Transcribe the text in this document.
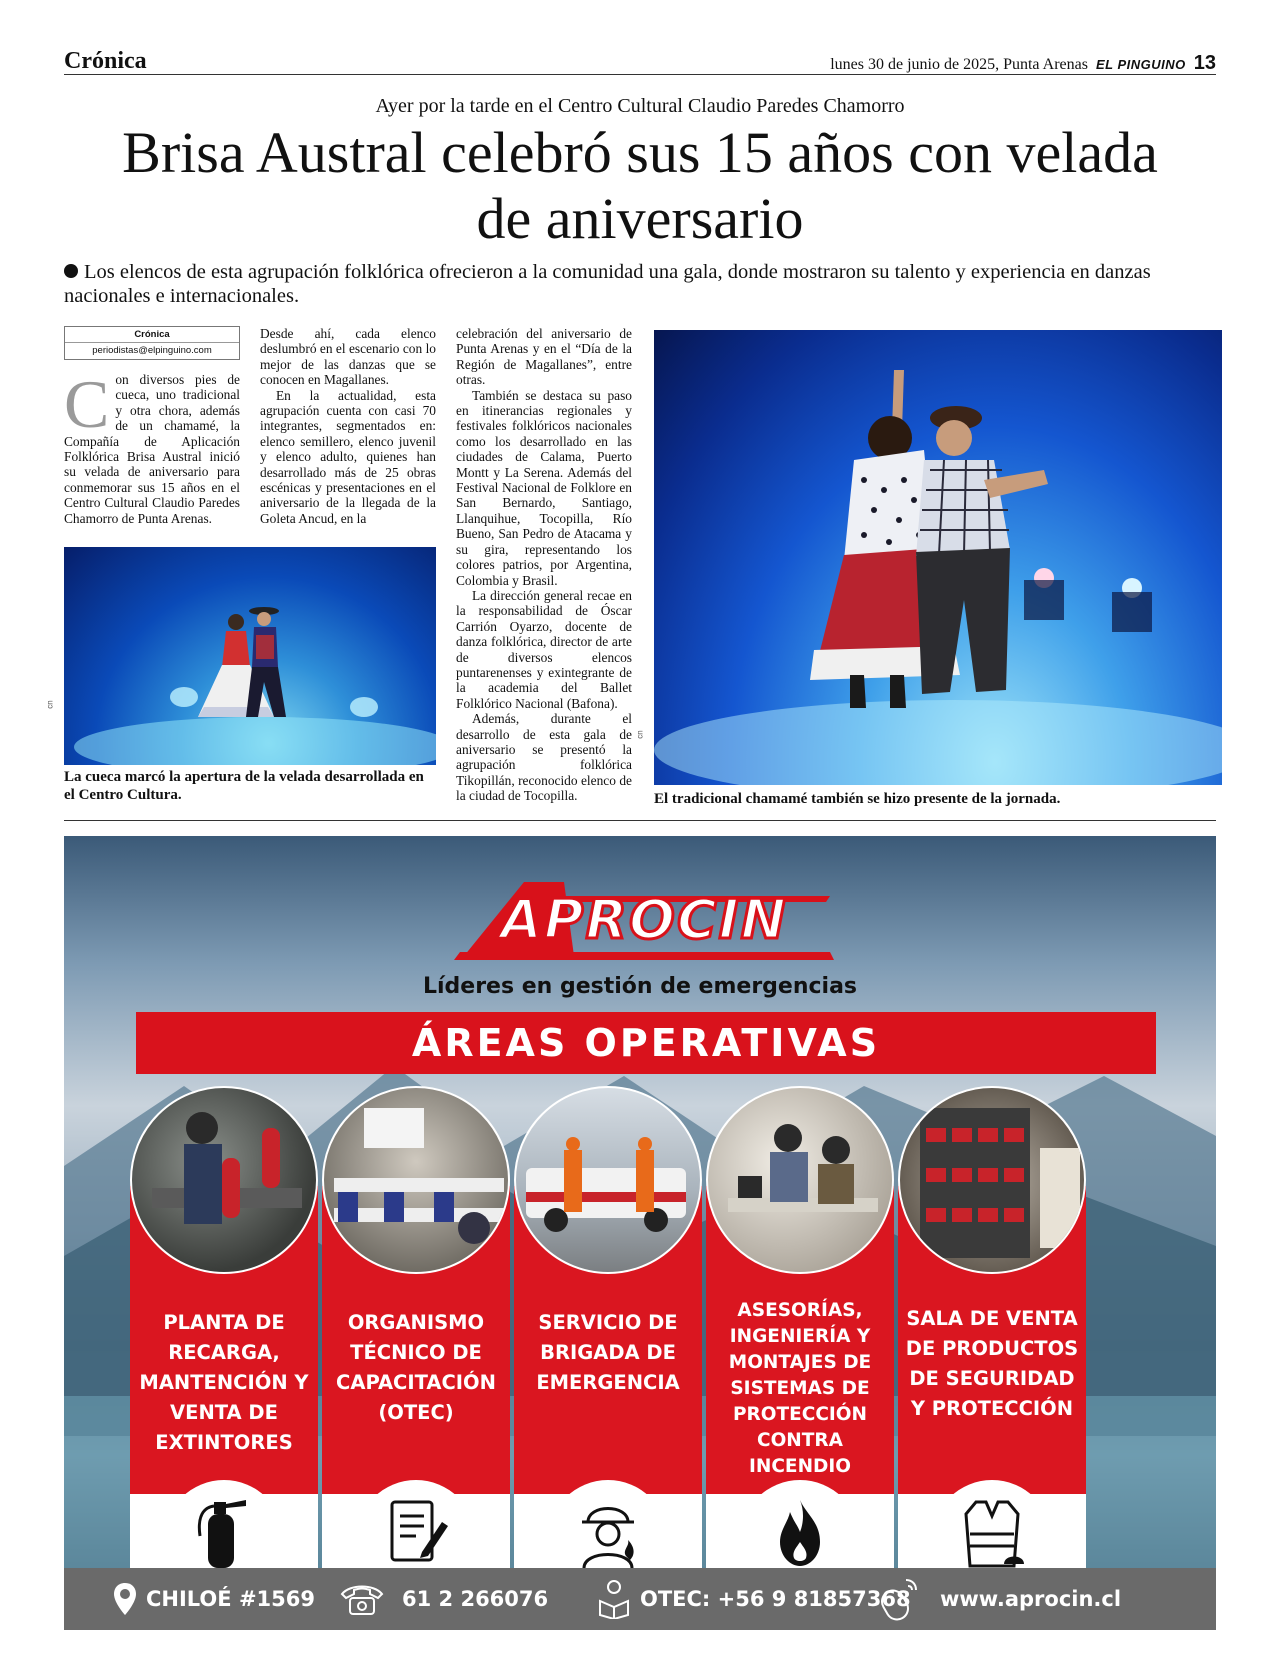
Crónica	lunes 30 de junio de 2025, Punta Arenas EL PINGUINO 13
Ayer por la tarde en el Centro Cultural Claudio Paredes Chamorro
Brisa Austral celebró sus 15 años con velada de aniversario
Los elencos de esta agrupación folklórica ofrecieron a la comunidad una gala, donde mostraron su talento y experiencia en danzas nacionales e internacionales.
Crónica
periodistas@elpinguino.com

Con diversos pies de cueca, uno tradicional y otra chora, además de un chamamé, la Compañía de Aplicación Folklórica Brisa Austral inició su velada de aniversario para conmemorar sus 15 años en el Centro Cultural Claudio Paredes Chamorro de Punta Arenas.

Desde ahí, cada elenco deslumbró en el escenario con lo mejor de las danzas que se conocen en Magallanes.

En la actualidad, esta agrupación cuenta con casi 70 integrantes, segmentados en: elenco semillero, elenco juvenil y elenco adulto, quienes han desarrollado más de 25 obras escénicas y presentaciones en el aniversario de la llegada de la Goleta Ancud, en la

celebración del aniversario de Punta Arenas y en el “Día de la Región de Magallanes”, entre otras.

También se destaca su paso en itinerancias regionales y festivales folklóricos nacionales como los desarrollado en las ciudades de Calama, Puerto Montt y La Serena. Además del Festival Nacional de Folklore en San Bernardo, Santiago, Llanquihue, Tocopilla, Río Bueno, San Pedro de Atacama y su gira, representando los colores patrios, por Argentina, Colombia y Brasil.

La dirección general recae en la responsabilidad de Óscar Carrión Oyarzo, docente de danza folklórica, director de arte de diversos elencos puntarenenses y exintegrante de la academia del Ballet Folklórico Nacional (Bafona).

Además, durante el desarrollo de esta gala de aniversario se presentó la agrupación folklórica Tikopillán, reconocido elenco de la ciudad de Tocopilla.

cn
La cueca marcó la apertura de la velada desarrollada en el Centro Cultura.
cn
El tradicional chamamé también se hizo presente de la jornada.
APROCIN
Líderes en gestión de emergencias
ÁREAS OPERATIVAS
PLANTA DE RECARGA, MANTENCIÓN Y VENTA DE EXTINTORES
ORGANISMO TÉCNICO DE CAPACITACIÓN (OTEC)
SERVICIO DE BRIGADA DE EMERGENCIA
ASESORÍAS, INGENIERÍA Y MONTAJES DE SISTEMAS DE PROTECCIÓN CONTRA INCENDIO
SALA DE VENTA DE PRODUCTOS DE SEGURIDAD Y PROTECCIÓN
CHILOÉ #1569	61 2 266076	OTEC: +56 9 81857368 www.aprocin.cl
